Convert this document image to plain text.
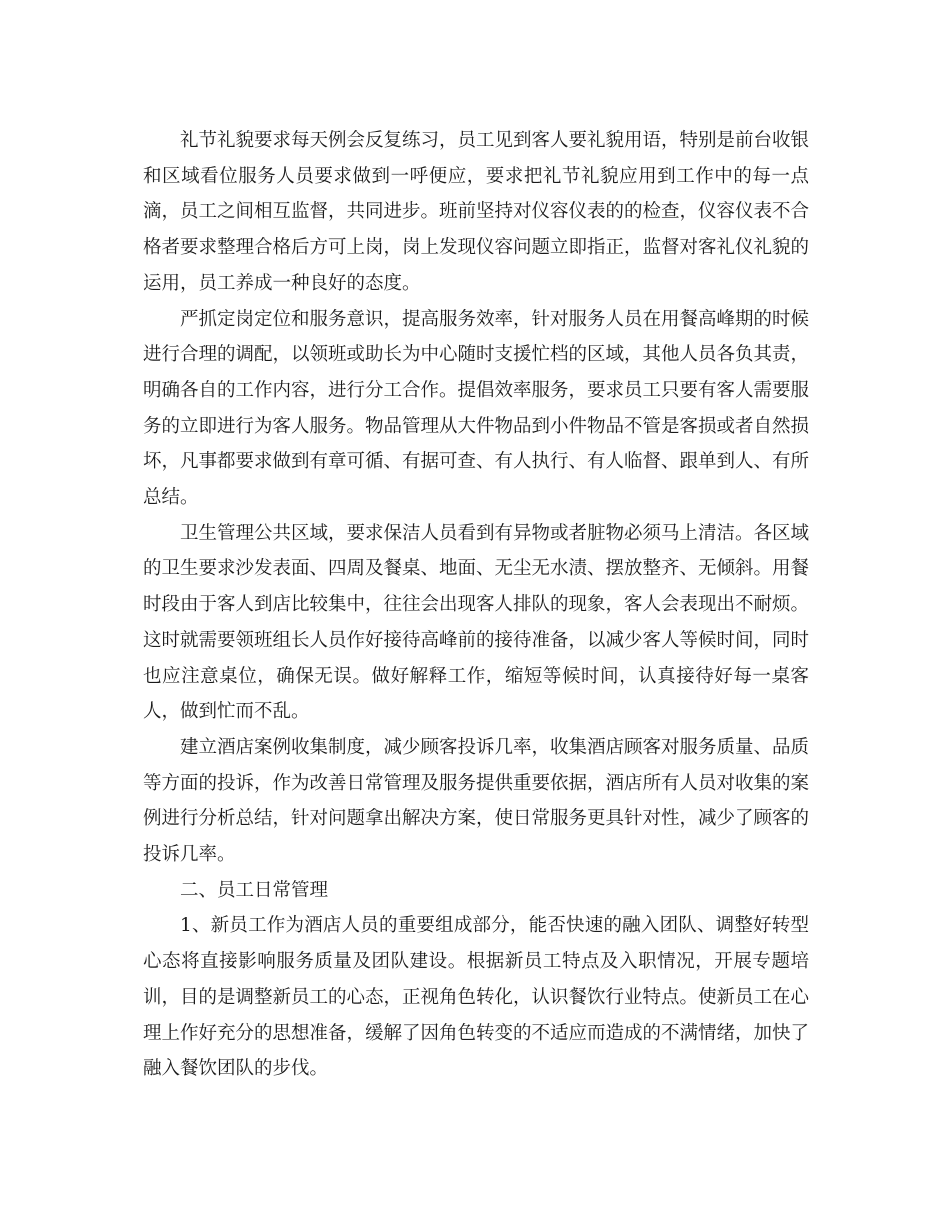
礼节礼貌要求每天例会反复练习，员工见到客人要礼貌用语，特别是前台收银和区域看位服务人员要求做到一呼便应，要求把礼节礼貌应用到工作中的每一点滴，员工之间相互监督，共同进步。班前坚持对仪容仪表的的检查，仪容仪表不合格者要求整理合格后方可上岗，岗上发现仪容问题立即指正，监督对客礼仪礼貌的运用，员工养成一种良好的态度。

严抓定岗定位和服务意识，提高服务效率，针对服务人员在用餐高峰期的时候进行合理的调配，以领班或助长为中心随时支援忙档的区域，其他人员各负其责，明确各自的工作内容，进行分工合作。提倡效率服务，要求员工只要有客人需要服务的立即进行为客人服务。物品管理从大件物品到小件物品不管是客损或者自然损坏，凡事都要求做到有章可循、有据可查、有人执行、有人临督、跟单到人、有所总结。

卫生管理公共区域，要求保洁人员看到有异物或者脏物必须马上清洁。各区域的卫生要求沙发表面、四周及餐桌、地面、无尘无水渍、摆放整齐、无倾斜。用餐时段由于客人到店比较集中，往往会出现客人排队的现象，客人会表现出不耐烦。这时就需要领班组长人员作好接待高峰前的接待准备，以减少客人等候时间，同时也应注意桌位，确保无误。做好解释工作，缩短等候时间，认真接待好每一桌客人，做到忙而不乱。

建立酒店案例收集制度，减少顾客投诉几率，收集酒店顾客对服务质量、品质等方面的投诉，作为改善日常管理及服务提供重要依据，酒店所有人员对收集的案例进行分析总结，针对问题拿出解决方案，使日常服务更具针对性，减少了顾客的投诉几率。

二、员工日常管理

1、新员工作为酒店人员的重要组成部分，能否快速的融入团队、调整好转型心态将直接影响服务质量及团队建设。根据新员工特点及入职情况，开展专题培训，目的是调整新员工的心态，正视角色转化，认识餐饮行业特点。使新员工在心理上作好充分的思想准备，缓解了因角色转变的不适应而造成的不满情绪，加快了融入餐饮团队的步伐。
